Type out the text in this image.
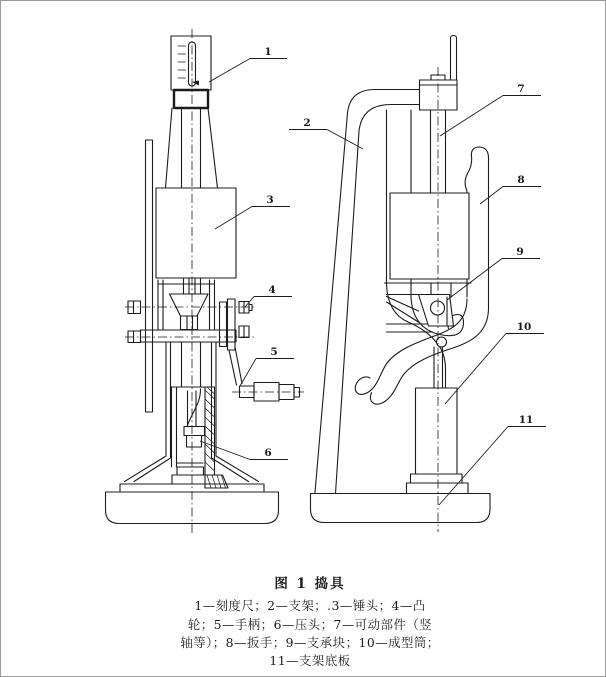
1
2
3
4
5
6
7
8
9
10
11
图 1 捣具
1—刻度尺；2—支架；.3—锤头；4—凸
轮；5—手柄；6—压头；7—可动部件（竖
轴等）；8—扳手；9—支承块；10—成型筒；
11—支架底板
